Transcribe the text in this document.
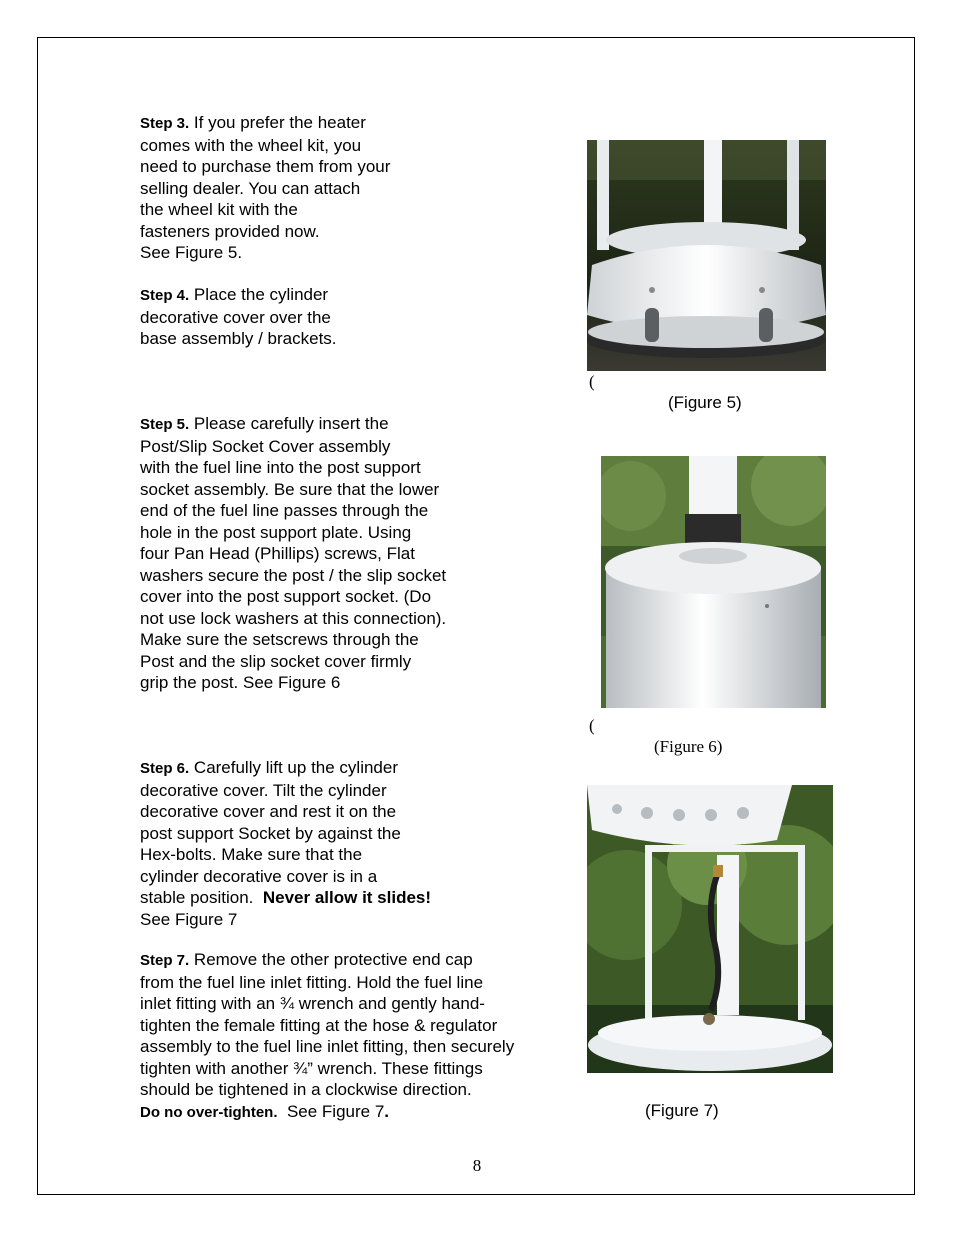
Step 3. If you prefer the heater
comes with the wheel kit, you
need to purchase them from your
selling dealer. You can attach
the wheel kit with the
fasteners provided now.
See Figure 5.
Step 4. Place the cylinder
decorative cover over the
base assembly / brackets.
Step 5. Please carefully insert the
Post/Slip Socket Cover assembly
with the fuel line into the post support
socket assembly. Be sure that the lower
end of the fuel line passes through the
hole in the post support plate. Using
four Pan Head (Phillips) screws, Flat
washers secure the post / the slip socket
cover into the post support socket. (Do
not use lock washers at this connection).
Make sure the setscrews through the
Post and the slip socket cover firmly
grip the post. See Figure 6
Step 6. Carefully lift up the cylinder
decorative cover. Tilt the cylinder
decorative cover and rest it on the
post support Socket by against the
Hex-bolts. Make sure that the
cylinder decorative cover is in a
stable position.  Never allow it slides!
See Figure 7
Step 7. Remove the other protective end cap
from the fuel line inlet fitting. Hold the fuel line
inlet fitting with an ¾ wrench and gently hand-
tighten the female fitting at the hose & regulator
assembly to the fuel line inlet fitting, then securely
tighten with another ¾” wrench. These fittings
should be tightened in a clockwise direction.
Do no over-tighten.  See Figure 7.
(
(Figure 5)
(
(Figure 6)
(Figure 7)
8
